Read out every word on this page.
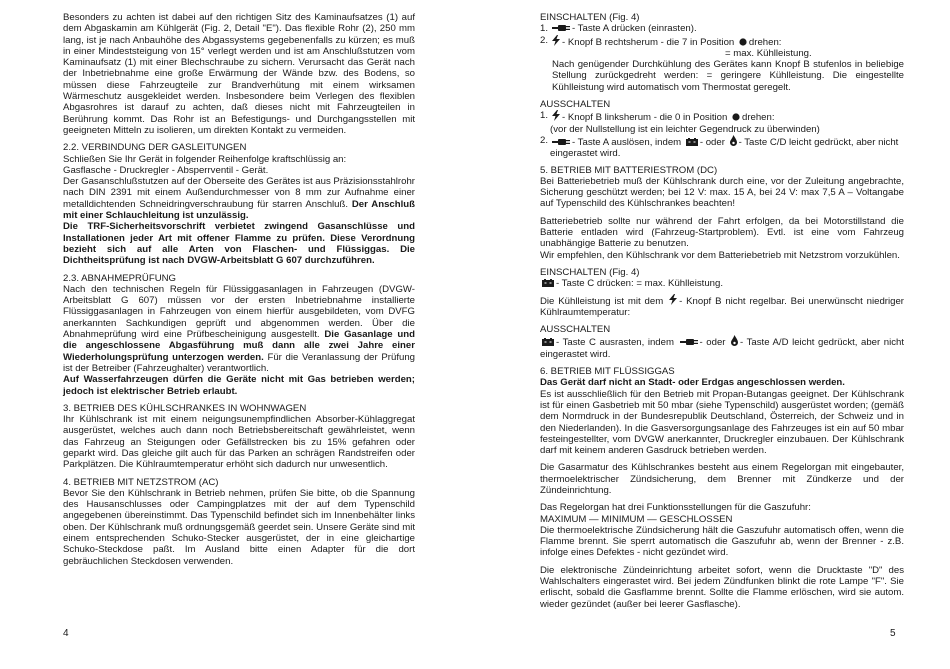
Besonders zu achten ist dabei auf den richtigen Sitz des Kaminaufsatzes (1) auf dem Abgaskamin am Kühlgerät (Fig. 2, Detail "E"). Das flexible Rohr (2), 250 mm lang, ist je nach Anbauhöhe des Abgassystems gegebenenfalls zu kürzen; es muß in einer Mindeststeigung von 15° verlegt werden und ist am Anschlußstutzen vom Kaminaufsatz (1) mit einer Blechschraube zu sichern. Verursacht das Gerät nach der Inbetriebnahme eine große Erwärmung der Wände bzw. des Bodens, so müssen diese Fahrzeugteile zur Brandverhütung mit einem wirksamen Wärmeschutz ausgekleidet werden. Insbesondere beim Verlegen des flexiblen Abgasrohres ist darauf zu achten, daß dieses nicht mit Fahrzeugteilen in Berührung kommt. Das Rohr ist an Befestigungs- und Durchgangsstellen mit geeigneten Mitteln zu isolieren, um direkten Kontakt zu vermeiden.

2.2. VERBINDUNG DER GASLEITUNGEN

Schließen Sie Ihr Gerät in folgender Reihenfolge kraftschlüssig an:

Gasflasche - Druckregler - Absperrventil - Gerät.

Der Gasanschlußstutzen auf der Oberseite des Gerätes ist aus Präzisionsstahlrohr nach DIN 2391 mit einem Außendurchmesser von 8 mm zur Aufnahme einer metalldichtenden Schneidringverschraubung für starren Anschluß. Der Anschluß mit einer Schlauchleitung ist unzulässig.

Die TRF-Sicherheitsvorschrift verbietet zwingend Gasanschlüsse und Installationen jeder Art mit offener Flamme zu prüfen. Diese Verordnung bezieht sich auf alle Arten von Flaschen- und Flüssiggas. Die Dichtheitsprüfung ist nach DVGW-Arbeitsblatt G 607 durchzuführen.

2.3. ABNAHMEPRÜFUNG

Nach den technischen Regeln für Flüssiggasanlagen in Fahrzeugen (DVGW-Arbeitsblatt G 607) müssen vor der ersten Inbetriebnahme installierte Flüssiggasanlagen in Fahrzeugen von einem hierfür ausgebildeten, vom DVFG anerkannten Sachkundigen geprüft und abgenommen werden. Über die Abnahmeprüfung wird eine Prüfbescheinigung ausgestellt. Die Gasanlage und die angeschlossene Abgasführung muß dann alle zwei Jahre einer Wiederholungsprüfung unterzogen werden. Für die Veranlassung der Prüfung ist der Betreiber (Fahrzeughalter) verantwortlich.

Auf Wasserfahrzeugen dürfen die Geräte nicht mit Gas betrieben werden; jedoch ist elektrischer Betrieb erlaubt.

3. BETRIEB DES KÜHLSCHRANKES IN WOHNWAGEN

Ihr Kühlschrank ist mit einem neigungsunempfindlichen Absorber-Kühlaggregat ausgerüstet, welches auch dann noch Betriebsbereitschaft gewährleistet, wenn das Fahrzeug an Steigungen oder Gefällstrecken bis zu 15% gefahren oder geparkt wird. Das gleiche gilt auch für das Parken an schrägen Randstreifen oder Parkplätzen. Die Kühlraumtemperatur erhöht sich dadurch nur unwesentlich.

4. BETRIEB MIT NETZSTROM (AC)

Bevor Sie den Kühlschrank in Betrieb nehmen, prüfen Sie bitte, ob die Spannung des Hausanschlusses oder Campingplatzes mit der auf dem Typenschild angegebenen übereinstimmt. Das Typenschild befindet sich im Innenbehälter links oben. Der Kühlschrank muß ordnungsgemäß geerdet sein. Unsere Geräte sind mit einem entsprechenden Schuko-Stecker ausgerüstet, der in eine gleichartige Schuko-Steckdose paßt. Im Ausland bitte einen Adapter für die dort gebräuchlichen Steckdosen verwenden.

4
EINSCHALTEN (Fig. 4)
1.	- Taste A drücken (einrasten).
2.	- Knopf B rechtsherum - die 7 in Position drehen:
= max. Kühlleistung.

Nach genügender Durchkühlung des Gerätes kann Knopf B stufenlos in beliebige Stellung zurückgedreht werden: = geringere Kühlleistung. Die eingestellte Kühlleistung wird automatisch vom Thermostat geregelt.

AUSSCHALTEN
1.	- Knopf B linksherum - die 0 in Position drehen:
(vor der Nullstellung ist ein leichter Gegendruck zu überwinden)
2.	- Taste A auslösen, indem - oder - Taste C/D leicht gedrückt, aber nicht eingerastet wird.
5. BETRIEB MIT BATTERIESTROM (DC)

Bei Batteriebetrieb muß der Kühlschrank durch eine, vor der Zuleitung angebrachte, Sicherung geschützt werden; bei 12 V: max. 15 A, bei 24 V: max 7,5 A – Voltangabe auf Typenschild des Kühlschrankes beachten!

Batteriebetrieb sollte nur während der Fahrt erfolgen, da bei Motorstillstand die Batterie entladen wird (Fahrzeug-Startproblem). Evtl. ist eine vom Fahrzeug unabhängige Batterie zu benutzen.

Wir empfehlen, den Kühlschrank vor dem Batteriebetrieb mit Netzstrom vorzukühlen.

EINSCHALTEN (Fig. 4)

- Taste C drücken: = max. Kühlleistung.

Die Kühlleistung ist mit dem - Knopf B nicht regelbar. Bei unerwünscht niedriger Kühlraumtemperatur:

AUSSCHALTEN

- Taste C ausrasten, indem	- oder - Taste A/D leicht gedrückt, aber nicht eingerastet wird.

6. BETRIEB MIT FLÜSSIGGAS

Das Gerät darf nicht an Stadt- oder Erdgas angeschlossen werden.

Es ist ausschließlich für den Betrieb mit Propan-Butangas geeignet. Der Kühlschrank ist für einen Gasbetrieb mit 50 mbar (siehe Typenschild) ausgerüstet worden; (gemäß dem Normdruck in der Bundesrepublik Deutschland, Österreich, der Schweiz und in den Niederlanden). In die Gasversorgungsanlage des Fahrzeuges ist ein auf 50 mbar festeingestellter, vom DVGW anerkannter, Druckregler einzubauen. Der Kühlschrank darf mit keinem anderen Gasdruck betrieben werden.

Die Gasarmatur des Kühlschrankes besteht aus einem Regelorgan mit eingebauter, thermoelektrischer Zündsicherung, dem Brenner mit Zündkerze und der Zündeinrichtung.

Das Regelorgan hat drei Funktionsstellungen für die Gaszufuhr:

MAXIMUM — MINIMUM — GESCHLOSSEN

Die thermoelektrische Zündsicherung hält die Gaszufuhr automatisch offen, wenn die Flamme brennt. Sie sperrt automatisch die Gaszufuhr ab, wenn der Brenner - z.B. infolge eines Defektes - nicht gezündet wird.

Die elektronische Zündeinrichtung arbeitet sofort, wenn die Drucktaste "D" des Wahlschalters eingerastet wird. Bei jedem Zündfunken blinkt die rote Lampe "F". Sie erlischt, sobald die Gasflamme brennt. Sollte die Flamme erlöschen, wird sie autom. wieder gezündet (außer bei leerer Gasflasche).

5
